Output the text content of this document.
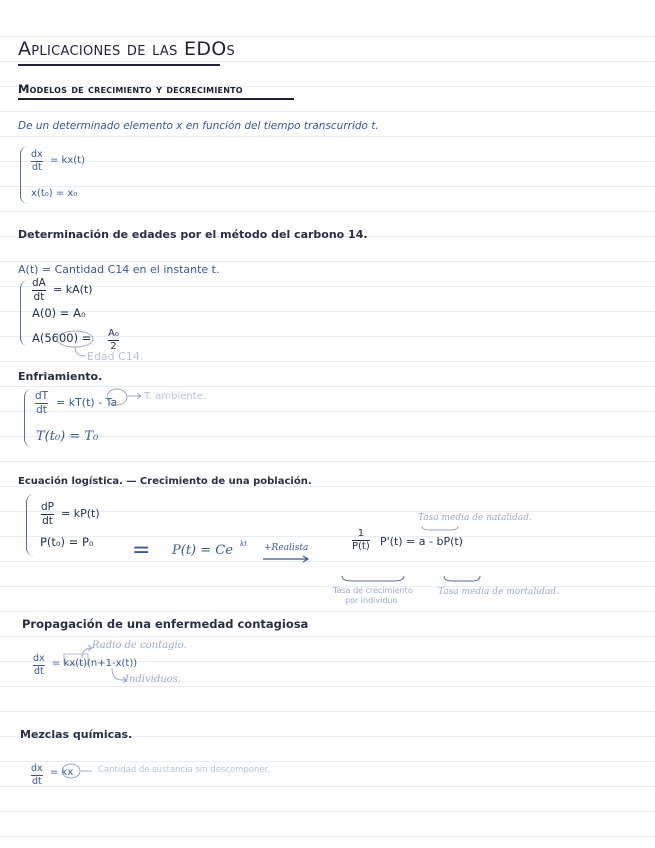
Aplicaciones de las EDOs
Modelos de crecimiento y decrecimiento
De un determinado elemento x en función del tiempo transcurrido t.
dx
dt
= kx(t)
x(t₀) = x₀
Determinación de edades por el método del carbono 14.
A(t) = Cantidad C14 en el instante t.
dA
dt
= kA(t)
A(0) = A₀
A(5600) = A₀
2
Edad C14.
Enfriamiento.
dT
dt
= kT(t) - Ta	T. ambiente.
T(t₀) = T₀
Ecuación logística. — Crecimiento de una población.
dP
dt
= kP(t)
P(t₀) = P₀ = P(t) = Ce kt +Realista
1
P(t) P'(t) = a - bP(t)
Tasa media de natalidad.
Tasa de crecimiento
por individuo
Tasa media de mortalidad.
Propagación de una enfermedad contagiosa
Radio de contagio.
dx
dt
= kx(t)(n+1-x(t))
Individuos.
Mezclas químicas.
dx
dt
= kx	Cantidad de sustancia sin descomponer.
